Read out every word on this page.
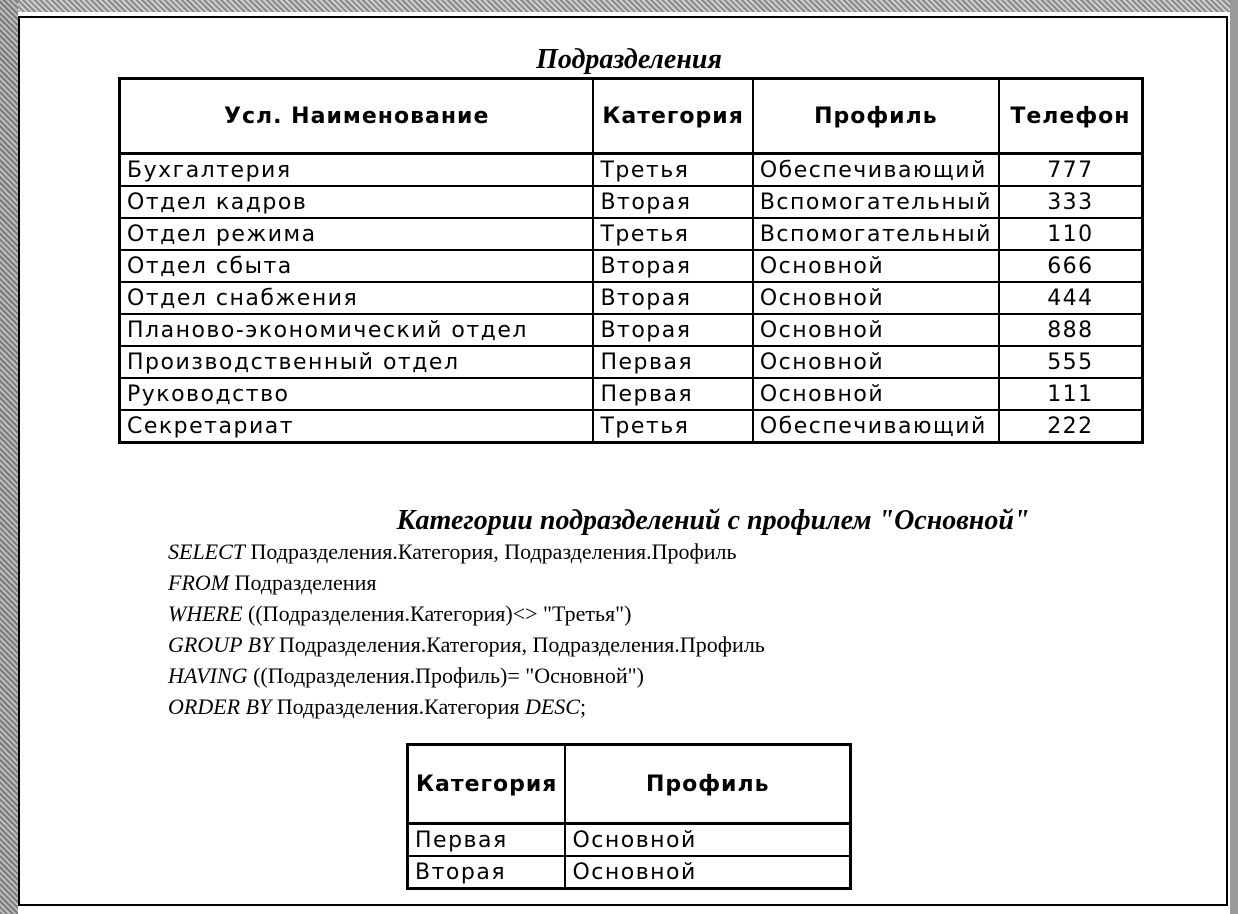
Подразделения
Усл. Наименование	Категория	Профиль	Телефон
Бухгалтерия	Третья	Обеспечивающий	777
Отдел кадров	Вторая	Вспомогательный	333
Отдел режима	Третья	Вспомогательный	110
Отдел сбыта	Вторая	Основной	666
Отдел снабжения	Вторая	Основной	444
Планово-экономический отдел	Вторая	Основной	888
Производственный отдел	Первая	Основной	555
Руководство	Первая	Основной	111
Секретариат	Третья	Обеспечивающий	222
Категории подразделений с профилем "Основной"
SELECT Подразделения.Категория, Подразделения.Профиль
FROM Подразделения
WHERE ((Подразделения.Категория)<> "Третья")
GROUP BY Подразделения.Категория, Подразделения.Профиль
HAVING ((Подразделения.Профиль)= "Основной")
ORDER BY Подразделения.Категория DESC;
Категория	Профиль
Первая	Основной
Вторая	Основной
